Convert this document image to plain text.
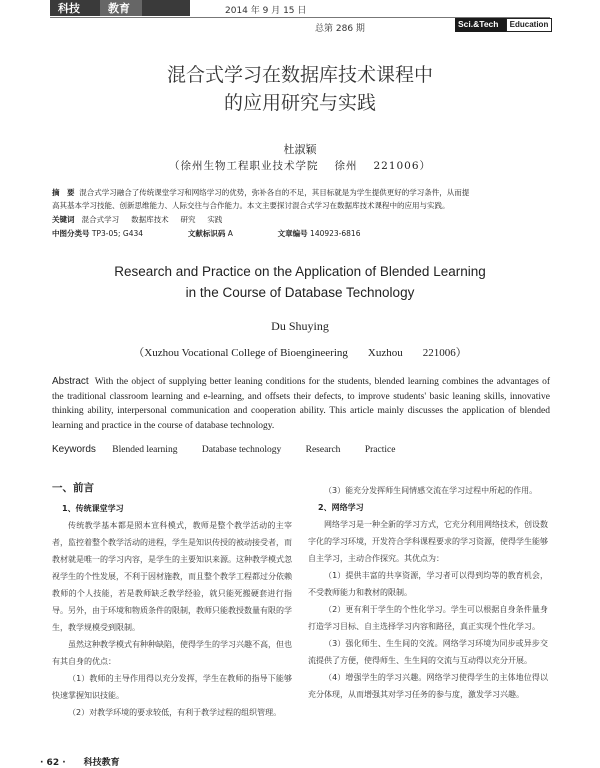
科技	教育	2014 年 9 月 15 日
总第 286 期	Sci.&Tech	Education
混合式学习在数据库技术课程中
的应用研究与实践
杜淑颖
（徐州生物工程职业技术学院 徐州 221006）
摘　要 混合式学习融合了传统课堂学习和网络学习的优势，弥补各自的不足，其目标就是为学生提供更好的学习条件，从而提
高其基本学习技能、创新思维能力、人际交往与合作能力。本文主要探讨混合式学习在数据库技术课程中的应用与实践。
关键词 混合式学习 数据库技术 研究 实践
中图分类号 TP3-05; G434	文献标识码 A	文章编号 140923-6816
Research and Practice on the Application of Blended Learning
in the Course of Database Technology
Du Shuying
（Xuzhou Vocational College of Bioengineering Xuzhou 221006）
Abstract With the object of supplying better leaning conditions for the students, blended learning combines the advantages of the traditional classroom learning and e-learning, and offsets their defects, to improve students' basic leaning skills, innovative thinking ability, interpersonal communication and cooperation ability. This article mainly discusses the application of blended learning and practice in the course of database technology.
Keywords Blended learning	Database technology	Research	Practice

一、前言

1、传统课堂学习

传统教学基本都是照本宣科模式，教师是整个教学活动的主宰者，监控着整个教学活动的进程，学生是知识传授的被动接受者，而教材就是唯一的学习内容，是学生的主要知识来源。这种教学模式忽视学生的个性发展，不利于因材施教，而且整个教学工程都过分依赖教师的个人技能，若是教师缺乏教学经验，就只能死搬硬套进行指导。另外，由于环境和物质条件的限制，教师只能教授数量有限的学生，教学规模受到限制。

虽然这种教学模式有种种缺陷，使得学生的学习兴趣不高，但也有其自身的优点：

（1）教师的主导作用得以充分发挥，学生在教师的指导下能够快速掌握知识技能。

（2）对教学环境的要求较低，有利于教学过程的组织管理。

（3）能充分发挥师生间情感交流在学习过程中所起的作用。

2、网络学习

网络学习是一种全新的学习方式，它充分利用网络技术，创设数字化的学习环境，开发符合学科课程要求的学习资源，使得学生能够自主学习，主动合作探究。其优点为：

（1）提供丰富的共享资源，学习者可以得到均等的教育机会，不受教师能力和教材的限制。

（2）更有利于学生的个性化学习。学生可以根据自身条件量身打造学习目标、自主选择学习内容和路径，真正实现个性化学习。

（3）强化师生、生生间的交流。网络学习环境为同步或异步交流提供了方便，使得师生、生生间的交流与互动得以充分开展。

（4）增强学生的学习兴趣。网络学习使得学生的主体地位得以充分体现，从而增强其对学习任务的参与度，激发学习兴趣。

· 62 ·　　科技教育
